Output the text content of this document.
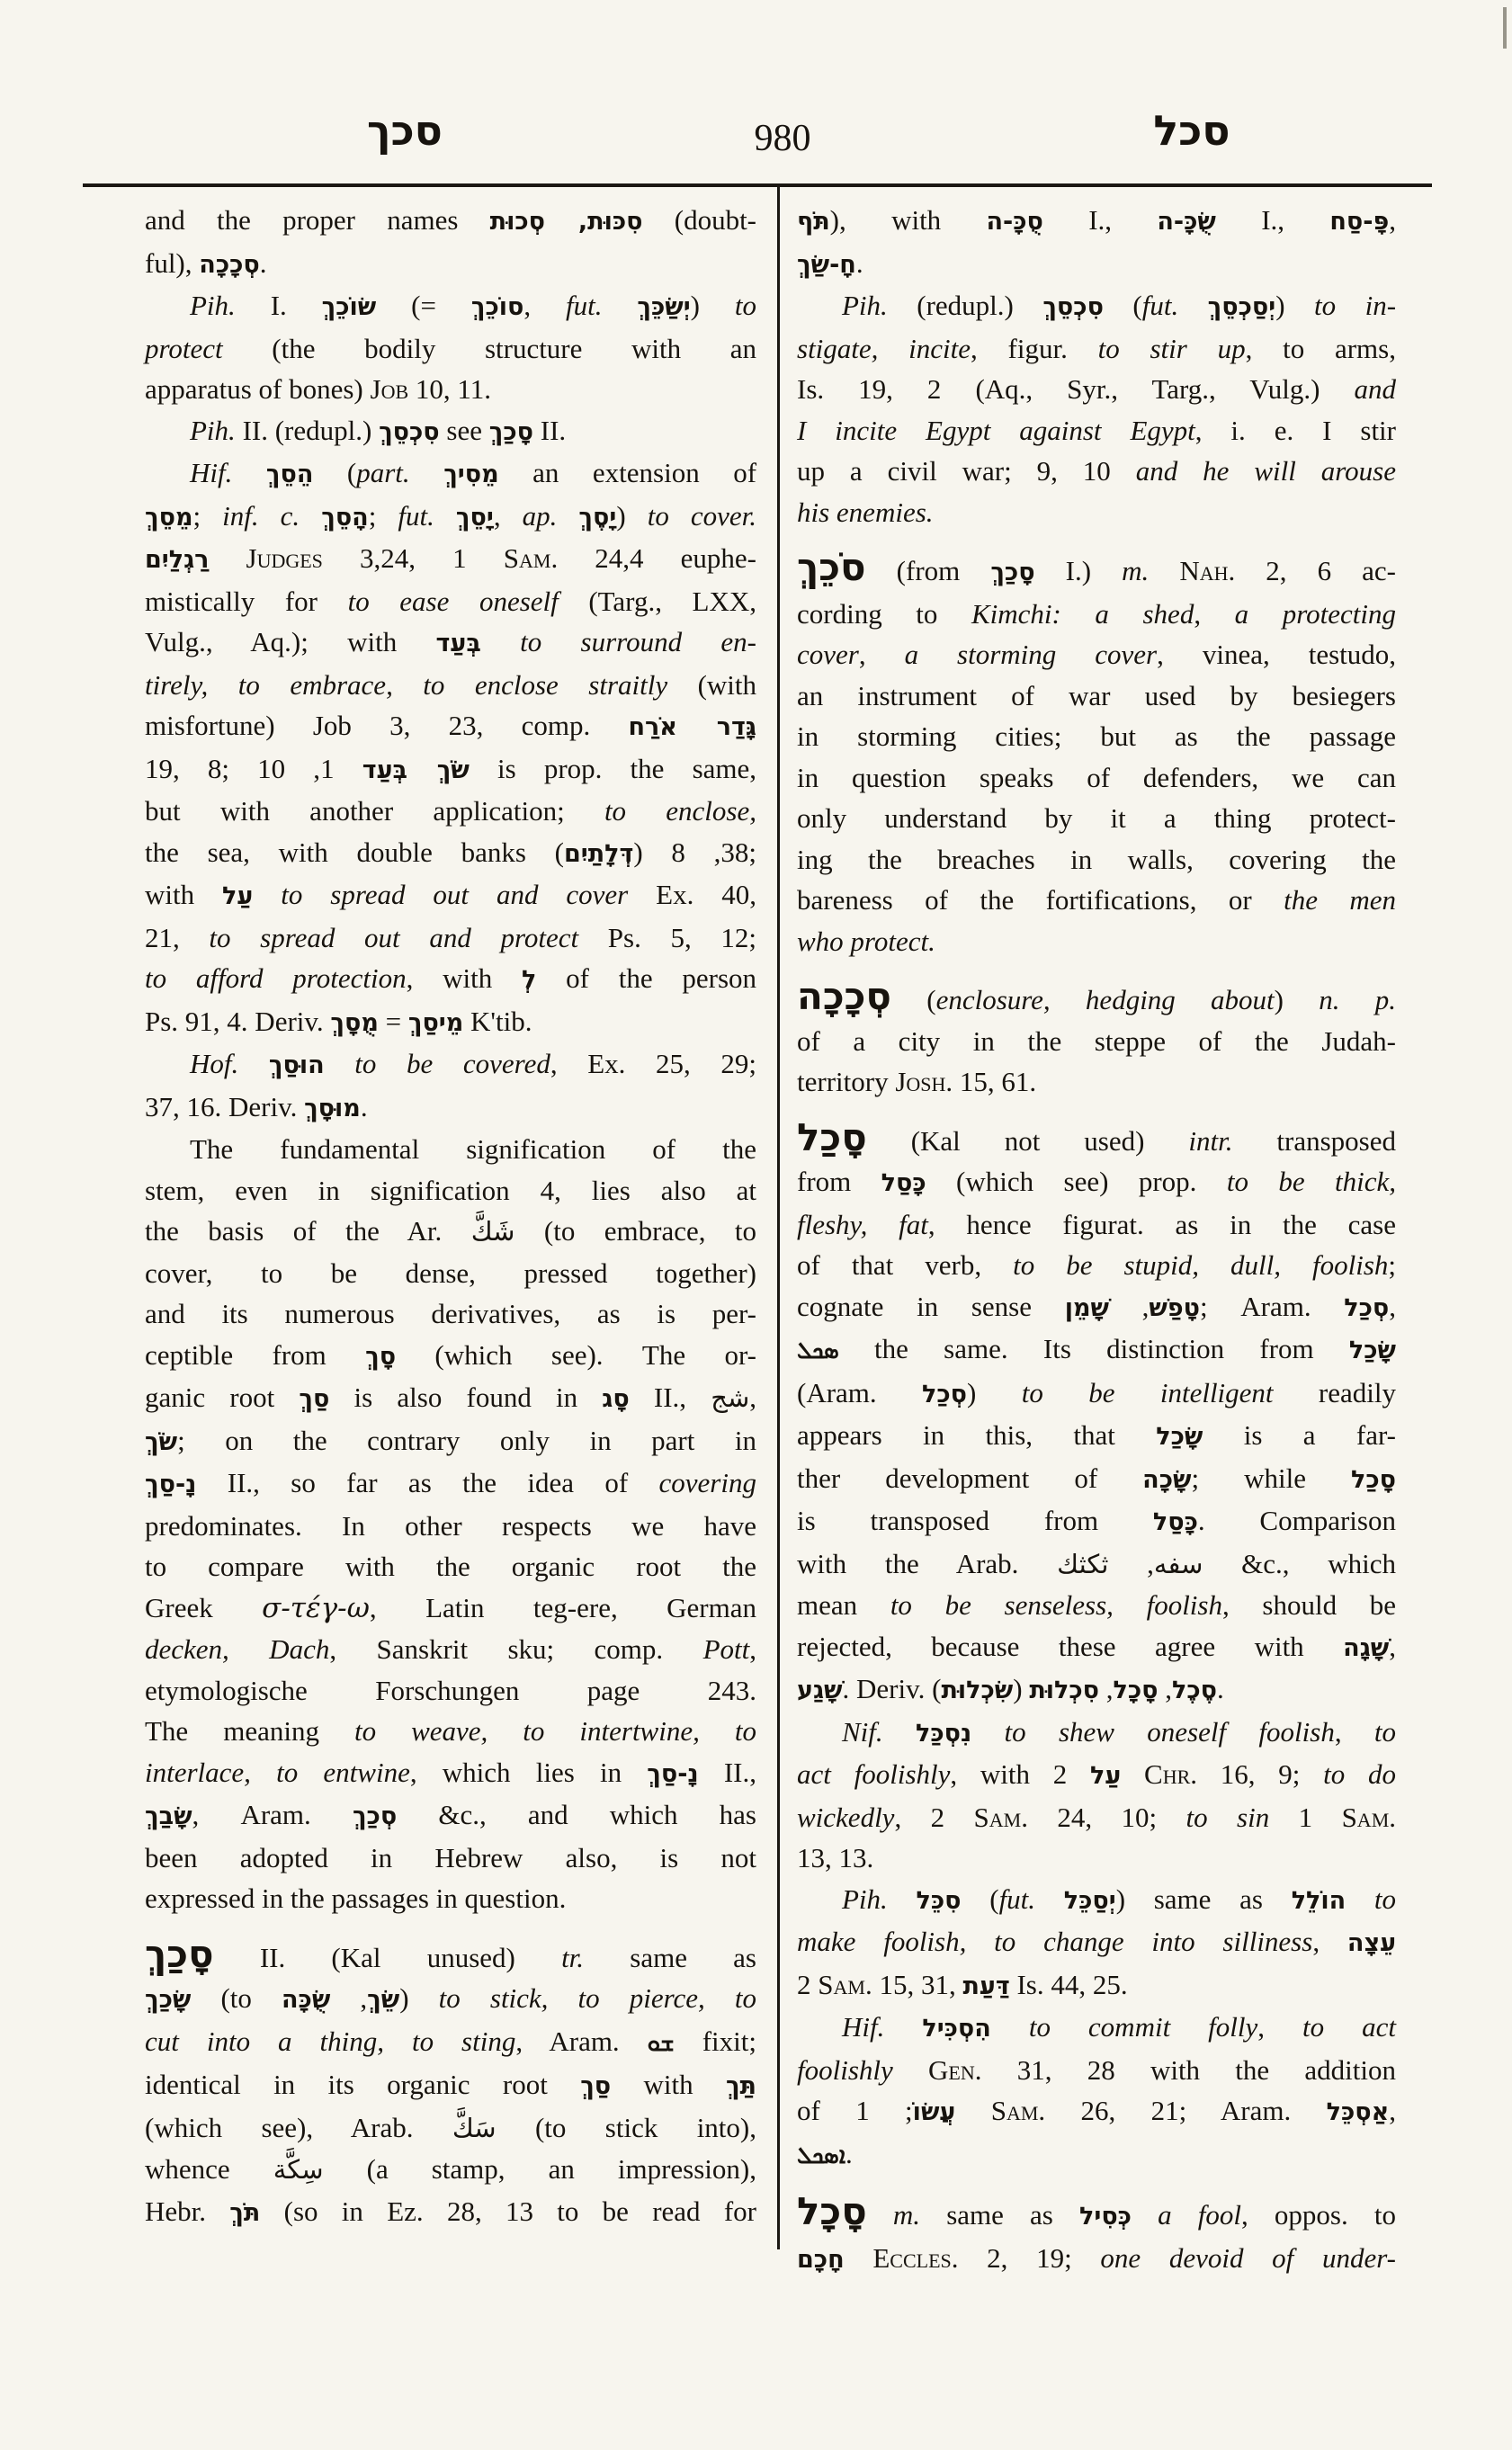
סכך	980	סכל
and the proper names סִכּוּת, סְכוּת (doubt-
ful), סְכָכָה.
Pih. I. שׂוֹכֵךְ (= סוֹכֵךְ, fut. יְשַׂכֵּךְ) to
protect (the bodily structure with an
apparatus of bones) Job 10, 11.
Pih. II. (redupl.) סִכְסֵךְ see סָכַךְ II.
Hif. הֵסֵךְ (part. מֵסִיךְ an extension of
מֵסֵךְ; inf. c. הָסֵךְ; fut. יָסֵךְ, ap. יָסֶךְ) to cover.
רַגְלַיִם Judges 3,24, 1 Sam. 24,4 euphe-
mistically for to ease oneself (Targ., LXX,
Vulg., Aq.); with בְּעַד to surround en-
tirely, to embrace, to enclose straitly (with
misfortune) Job 3, 23, comp. גָּדַר אֹרַח
19, 8;	שֹׂךְ בְּעַד 1, 10 is prop. the same,
but with another application; to enclose,
the sea, with double banks (דְּלָתַיִם) 38, 8;
with עַל to spread out and cover Ex. 40,
21, to spread out and protect Ps. 5, 12;
to afford protection, with לְ of the person
Ps. 91, 4. Deriv.	מֵיסַךְ = מֻסָךְ	K'tib.
Hof. הוּסַךְ to be covered, Ex. 25, 29;
37, 16. Deriv. מוּסָךְ.
The fundamental signification of the
stem, even in signification 4, lies also at
the basis of the Ar. شَكَّ (to embrace, to
cover, to be dense, pressed together)
and its numerous derivatives, as is per-
ceptible from סָךְ (which see). The or-
ganic root סַךְ is also found in סָג II., شج,
שֹׂךְ; on the contrary only in part in
נָ-סַךְ II., so far as the idea of covering
predominates. In other respects we have
to compare with the organic root the
Greek σ-τέγ-ω, Latin teg-ere, German
decken, Dach, Sanskrit sku; comp. Pott,
etymologische Forschungen page 243.
The meaning to weave, to intertwine, to
interlace, to entwine, which lies in נָ-סַךְ II.,
שָׂבַךְ, Aram. סְכַךְ &c., and which has
been adopted in Hebrew also, is not
expressed in the passages in question.
סָכַךְ II. (Kal unused) tr. same as
שָׂכַךְ (to	שֵׂךְ, שֻׂכָּה ) to stick, to pierce, to
cut into a thing, to sting, Aram. ܫܘ fixit;
identical in its organic root סַךְ with תַּךְ
(which see), Arab. سَكَّ (to stick into),
whence سِكَّة (a stamp, an impression),
Hebr. תֹּךְ (so in Ez. 28, 13 to be read for
תֹּף), with סֻכָּ-ה I., שֻׂכָּ-ה I., פָּ-סַח,
חָ-שַׂךְ.
Pih. (redupl.) סִכְסֵךְ (fut. יְסַכְסֵךְ) to in-
stigate, incite, figur. to stir up, to arms,
Is. 19, 2 (Aq., Syr., Targ., Vulg.) and
I incite Egypt against Egypt, i. e. I stir
up a civil war; 9, 10 and he will arouse
his enemies.
סֹכֵךְ (from סָכַךְ I.) m. Nah. 2, 6 ac-
cording to Kimchi: a shed, a protecting
cover, a storming cover, vinea, testudo,
an instrument of war used by besiegers
in storming cities; but as the passage
in question speaks of defenders, we can
only understand by it a thing protect-
ing the breaches in walls, covering the
bareness of the fortifications, or the men
who protect.
סְכָכָה (enclosure, hedging about) n. p.
of a city in the steppe of the Judah-
territory Josh. 15, 61.
סָכַל (Kal not used) intr. transposed
from כָּסַל (which see) prop. to be thick,
fleshy, fat, hence figurat. as in the case
of that verb, to be stupid, dull, foolish;
cognate in sense	טָפַשׁ, שָׁמֵן	; Aram. סְכַל,
ܣܟܠ the same. Its distinction from שָׂכַל
(Aram. סְכַל) to be intelligent readily
appears in this, that שָׂכַל is a far-
ther development of שָׂכָה; while סָכַל
is transposed from כָּסַל. Comparison
with the Arab.	سفه, ثكثك	&c., which
mean to be senseless, foolish, should be
rejected, because these agree with שָׁגָה,
שָׁגַע. Deriv.	סֶכֶל, סָכָל, סִכְלוּת (שִׂכְלוּת).
Nif. נִסְכַּל to shew oneself foolish, to
act foolishly, with עַל 2 Chr. 16, 9; to do
wickedly, 2 Sam. 24, 10; to sin 1 Sam.
13, 13.
Pih. סִכֵּל (fut. יְסַכֵּל) same as הוֹלֵל to
make foolish, to change into silliness, עֵצָה
2 Sam. 15, 31, דַּעַת Is. 44, 25.
Hif. הִסְכִּיל to commit folly, to act
foolishly Gen. 31, 28 with the addition
of עֲשׂוֹ; 1 Sam. 26, 21; Aram. אַסְכֵּל,
ܐܣܟܠ.
סָכָל m. same as כְּסִיל a fool, oppos. to
חָכָם Eccles. 2, 19; one devoid of under-
